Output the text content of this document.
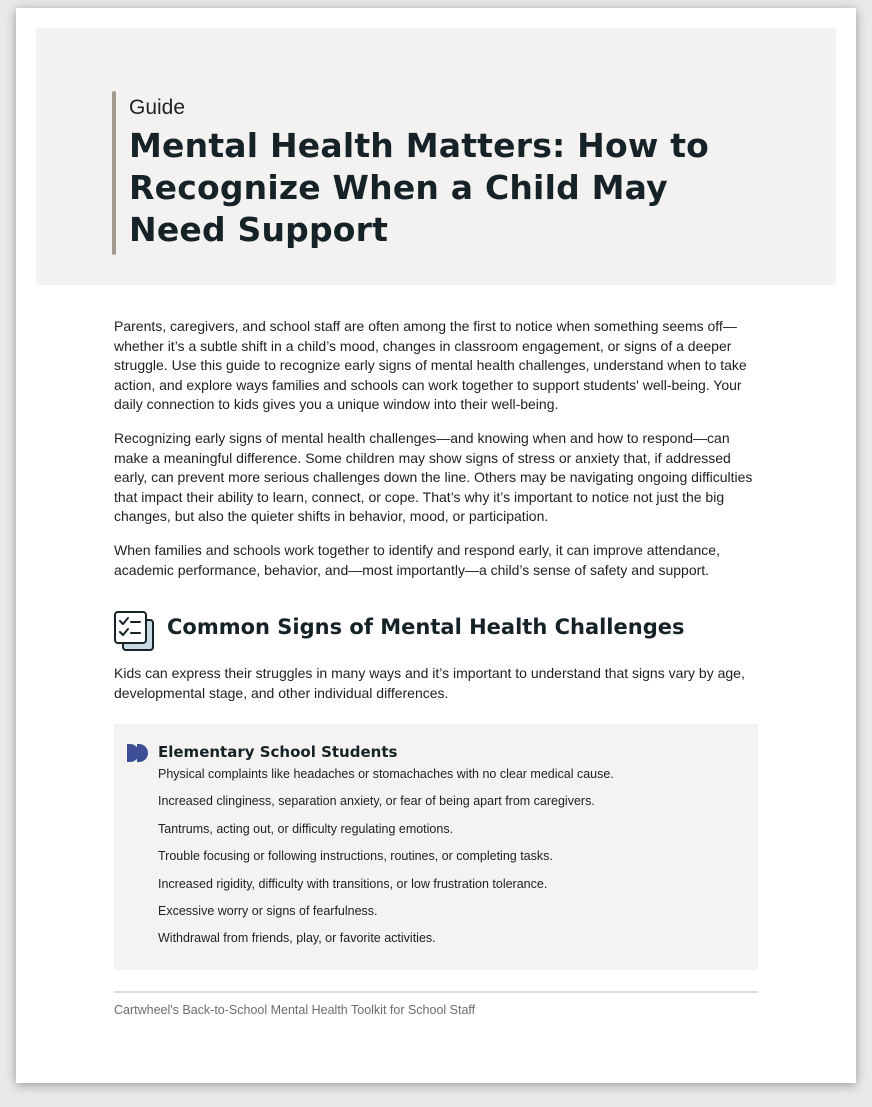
Guide
Mental Health Matters: How to Recognize When a Child May Need Support

Parents, caregivers, and school staff are often among the first to notice when something seems off—whether it’s a subtle shift in a child’s mood, changes in classroom engagement, or signs of a deeper struggle. Use this guide to recognize early signs of mental health challenges, understand when to take action, and explore ways families and schools can work together to support students' well-being. Your daily connection to kids gives you a unique window into their well-being.

Recognizing early signs of mental health challenges—and knowing when and how to respond—can make a meaningful difference. Some children may show signs of stress or anxiety that, if addressed early, can prevent more serious challenges down the line. Others may be navigating ongoing difficulties that impact their ability to learn, connect, or cope. That’s why it’s important to notice not just the big changes, but also the quieter shifts in behavior, mood, or participation.

When families and schools work together to identify and respond early, it can improve attendance, academic performance, behavior, and—most importantly—a child’s sense of safety and support.

Common Signs of Mental Health Challenges

Kids can express their struggles in many ways and it’s important to understand that signs vary by age, developmental stage, and other individual differences.

Elementary School Students
Physical complaints like headaches or stomachaches with no clear medical cause.
Increased clinginess, separation anxiety, or fear of being apart from caregivers.
Tantrums, acting out, or difficulty regulating emotions.
Trouble focusing or following instructions, routines, or completing tasks.
Increased rigidity, difficulty with transitions, or low frustration tolerance.
Excessive worry or signs of fearfulness.
Withdrawal from friends, play, or favorite activities.
Cartwheel's Back-to-School Mental Health Toolkit for School Staff
